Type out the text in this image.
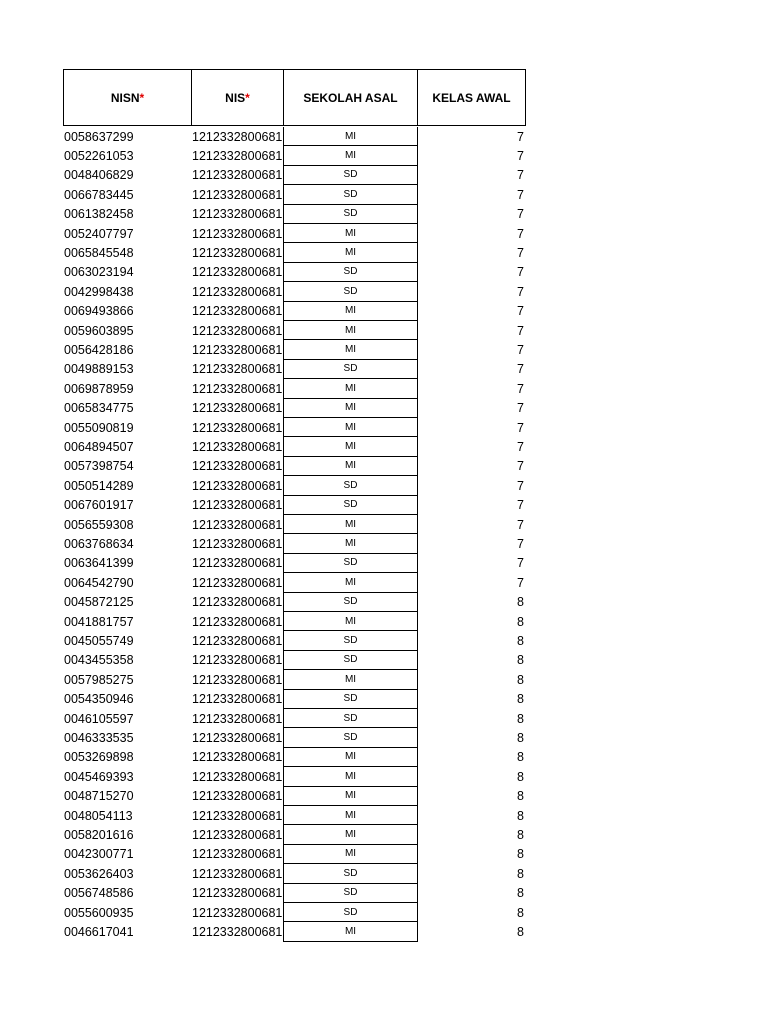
NISN *	NIS *	SEKOLAH ASAL	KELAS AWAL
0058637299	1212332800681	MI	7
0052261053	1212332800681	MI	7
0048406829	1212332800681	SD	7
0066783445	1212332800681	SD	7
0061382458	1212332800681	SD	7
0052407797	1212332800681	MI	7
0065845548	1212332800681	MI	7
0063023194	1212332800681	SD	7
0042998438	1212332800681	SD	7
0069493866	1212332800681	MI	7
0059603895	1212332800681	MI	7
0056428186	1212332800681	MI	7
0049889153	1212332800681	SD	7
0069878959	1212332800681	MI	7
0065834775	1212332800681	MI	7
0055090819	1212332800681	MI	7
0064894507	1212332800681	MI	7
0057398754	1212332800681	MI	7
0050514289	1212332800681	SD	7
0067601917	1212332800681	SD	7
0056559308	1212332800681	MI	7
0063768634	1212332800681	MI	7
0063641399	1212332800681	SD	7
0064542790	1212332800681	MI	7
0045872125	1212332800681	SD	8
0041881757	1212332800681	MI	8
0045055749	1212332800681	SD	8
0043455358	1212332800681	SD	8
0057985275	1212332800681	MI	8
0054350946	1212332800681	SD	8
0046105597	1212332800681	SD	8
0046333535	1212332800681	SD	8
0053269898	1212332800681	MI	8
0045469393	1212332800681	MI	8
0048715270	1212332800681	MI	8
0048054113	1212332800681	MI	8
0058201616	1212332800681	MI	8
0042300771	1212332800681	MI	8
0053626403	1212332800681	SD	8
0056748586	1212332800681	SD	8
0055600935	1212332800681	SD	8
0046617041	1212332800681	MI	8
